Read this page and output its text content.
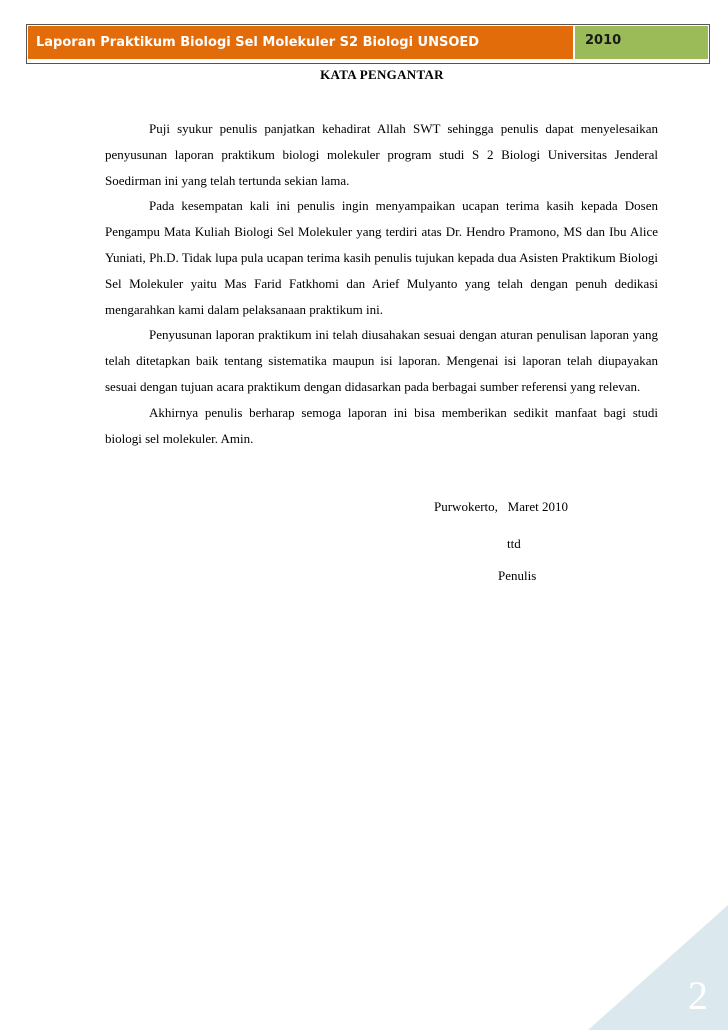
Laporan Praktikum Biologi Sel Molekuler S2 Biologi UNSOED	2010
KATA PENGANTAR

Puji syukur penulis panjatkan kehadirat Allah SWT sehingga penulis dapat menyelesaikan penyusunan laporan praktikum biologi molekuler program studi S 2 Biologi Universitas Jenderal Soedirman ini yang telah tertunda sekian lama.

Pada kesempatan kali ini penulis ingin menyampaikan ucapan terima kasih kepada Dosen Pengampu Mata Kuliah Biologi Sel Molekuler yang terdiri atas Dr. Hendro Pramono, MS dan Ibu Alice Yuniati, Ph.D. Tidak lupa pula ucapan terima kasih penulis tujukan kepada dua Asisten Praktikum Biologi Sel Molekuler yaitu Mas Farid Fatkhomi dan Arief Mulyanto yang telah dengan penuh dedikasi mengarahkan kami dalam pelaksanaan praktikum ini.

Penyusunan laporan praktikum ini telah diusahakan sesuai dengan aturan penulisan laporan yang telah ditetapkan baik tentang sistematika maupun isi laporan. Mengenai isi laporan telah diupayakan sesuai dengan tujuan acara praktikum dengan didasarkan pada berbagai sumber referensi yang relevan.

Akhirnya penulis berharap semoga laporan ini bisa memberikan sedikit manfaat bagi studi biologi sel molekuler. Amin.

Purwokerto,   Maret 2010
ttd
Penulis
2
